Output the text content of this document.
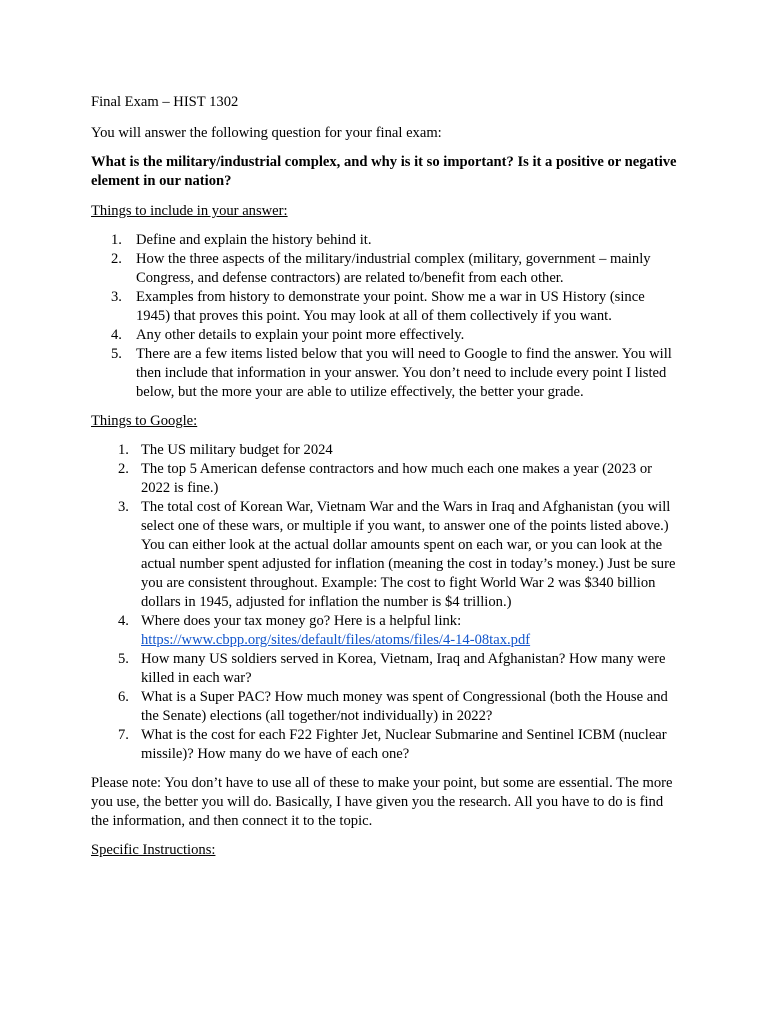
Final Exam – HIST 1302

You will answer the following question for your final exam:

What is the military/industrial complex, and why is it so important? Is it a positive or negative element in our nation?

Things to include in your answer:

1. Define and explain the history behind it.
2. How the three aspects of the military/industrial complex (military, government – mainly Congress, and defense contractors) are related to/benefit from each other.
3. Examples from history to demonstrate your point. Show me a war in US History (since 1945) that proves this point. You may look at all of them collectively if you want.
4. Any other details to explain your point more effectively.
5. There are a few items listed below that you will need to Google to find the answer. You will then include that information in your answer. You don’t need to include every point I listed below, but the more your are able to utilize effectively, the better your grade.

Things to Google:

1. The US military budget for 2024
2. The top 5 American defense contractors and how much each one makes a year (2023 or 2022 is fine.)
3. The total cost of Korean War, Vietnam War and the Wars in Iraq and Afghanistan (you will select one of these wars, or multiple if you want, to answer one of the points listed above.) You can either look at the actual dollar amounts spent on each war, or you can look at the actual number spent adjusted for inflation (meaning the cost in today’s money.) Just be sure you are consistent throughout. Example: The cost to fight World War 2 was $340 billion dollars in 1945, adjusted for inflation the number is $4 trillion.)
4. Where does your tax money go? Here is a helpful link:
https://www.cbpp.org/sites/default/files/atoms/files/4-14-08tax.pdf
5. How many US soldiers served in Korea, Vietnam, Iraq and Afghanistan? How many were killed in each war?
6. What is a Super PAC? How much money was spent of Congressional (both the House and the Senate) elections (all together/not individually) in 2022?
7. What is the cost for each F22 Fighter Jet, Nuclear Submarine and Sentinel ICBM (nuclear missile)? How many do we have of each one?

Please note: You don’t have to use all of these to make your point, but some are essential. The more you use, the better you will do. Basically, I have given you the research. All you have to do is find the information, and then connect it to the topic.

Specific Instructions:
